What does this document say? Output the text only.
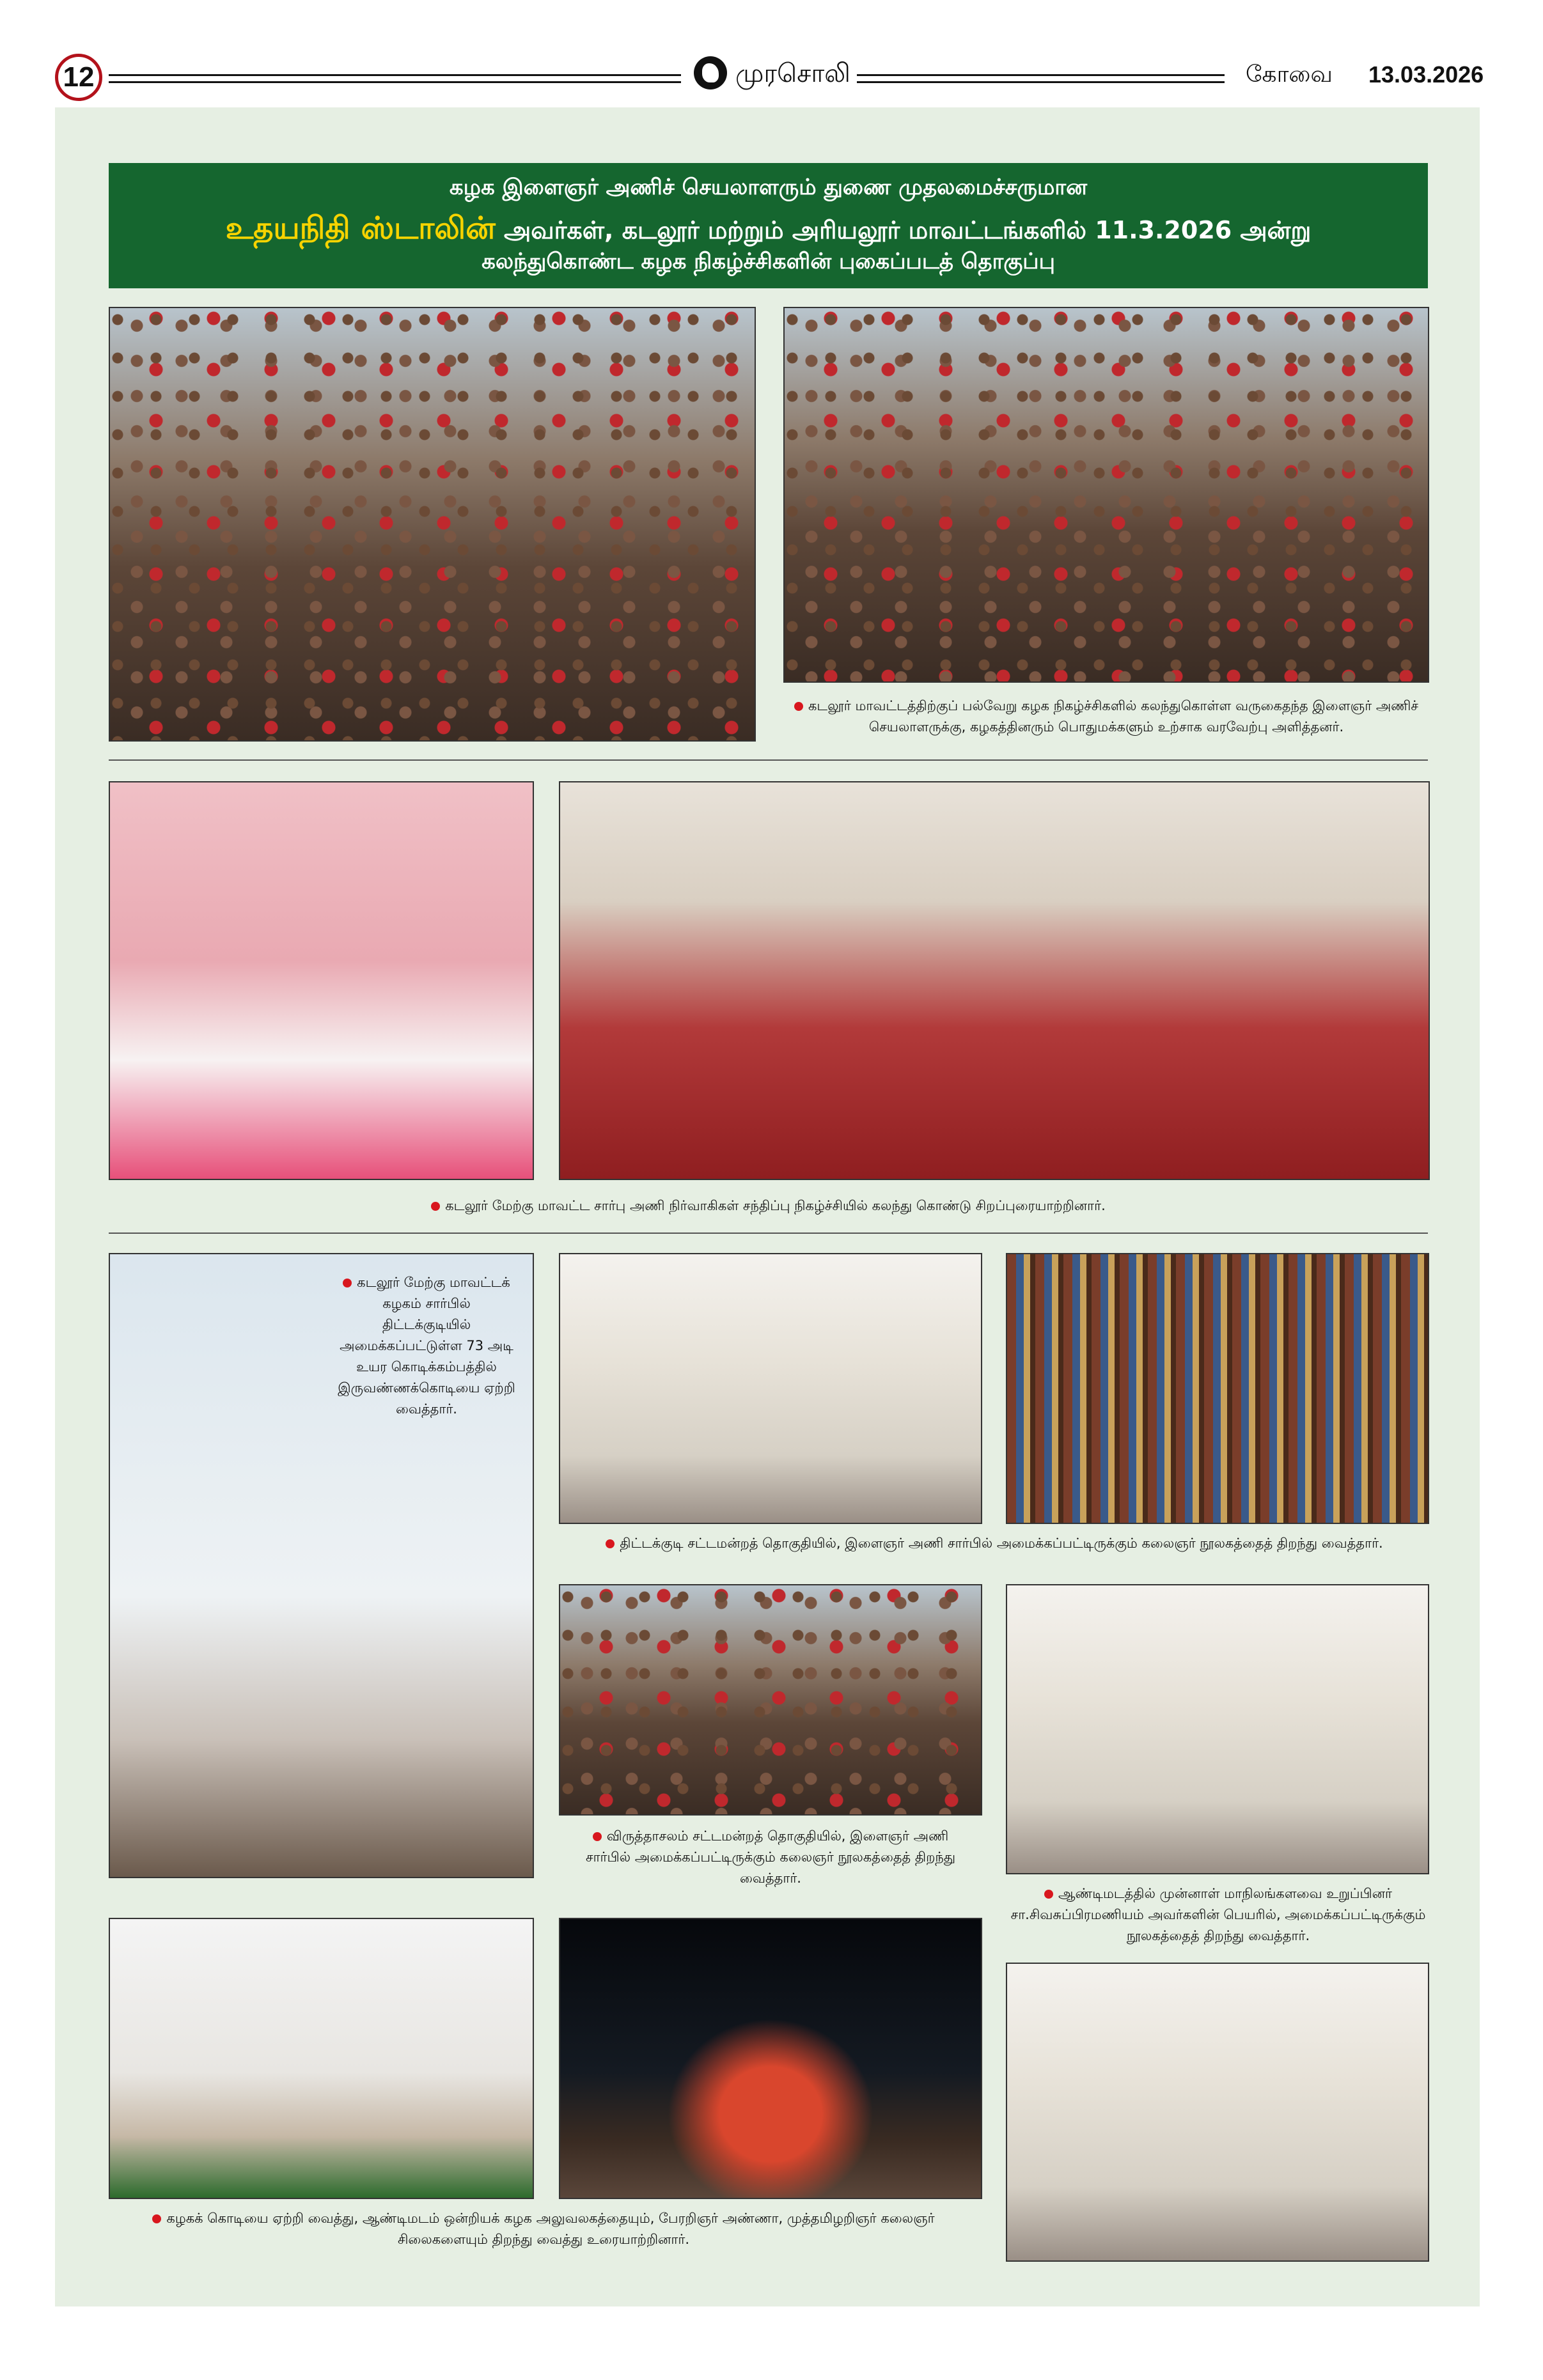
12	முரசொலி	கோவை 13.03.2026
கழக இளைஞர் அணிச் செயலாளரும் துணை முதலமைச்சருமான
உதயநிதி ஸ்டாலின் அவர்கள், கடலூர் மற்றும் அரியலூர் மாவட்டங்களில் 11.3.2026 அன்று
கலந்துகொண்ட கழக நிகழ்ச்சிகளின் புகைப்படத் தொகுப்பு
கடலூர் மாவட்டத்திற்குப் பல்வேறு கழக நிகழ்ச்சிகளில் கலந்துகொள்ள வருகைதந்த இளைஞர் அணிச் செயலாளருக்கு, கழகத்தினரும் பொதுமக்களும் உற்சாக வரவேற்பு அளித்தனர்.
கடலூர் மேற்கு மாவட்ட சார்பு அணி நிர்வாகிகள் சந்திப்பு நிகழ்ச்சியில் கலந்து கொண்டு சிறப்புரையாற்றினார்.
கடலூர் மேற்கு மாவட்டக் கழகம் சார்பில் திட்டக்குடியில் அமைக்கப்பட்டுள்ள 73 அடி உயர கொடிக்கம்பத்தில் இருவண்ணக்கொடியை ஏற்றி வைத்தார்.
திட்டக்குடி சட்டமன்றத் தொகுதியில், இளைஞர் அணி சார்பில் அமைக்கப்பட்டிருக்கும் கலைஞர் நூலகத்தைத் திறந்து வைத்தார்.
விருத்தாசலம் சட்டமன்றத் தொகுதியில், இளைஞர் அணி சார்பில் அமைக்கப்பட்டிருக்கும் கலைஞர் நூலகத்தைத் திறந்து வைத்தார்.
ஆண்டிமடத்தில் முன்னாள் மாநிலங்களவை உறுப்பினர் சா.சிவசுப்பிரமணியம் அவர்களின் பெயரில், அமைக்கப்பட்டிருக்கும் நூலகத்தைத் திறந்து வைத்தார்.
கழகக் கொடியை ஏற்றி வைத்து, ஆண்டிமடம் ஒன்றியக் கழக அலுவலகத்தையும், பேரறிஞர் அண்ணா, முத்தமிழறிஞர் கலைஞர் சிலைகளையும் திறந்து வைத்து உரையாற்றினார்.
